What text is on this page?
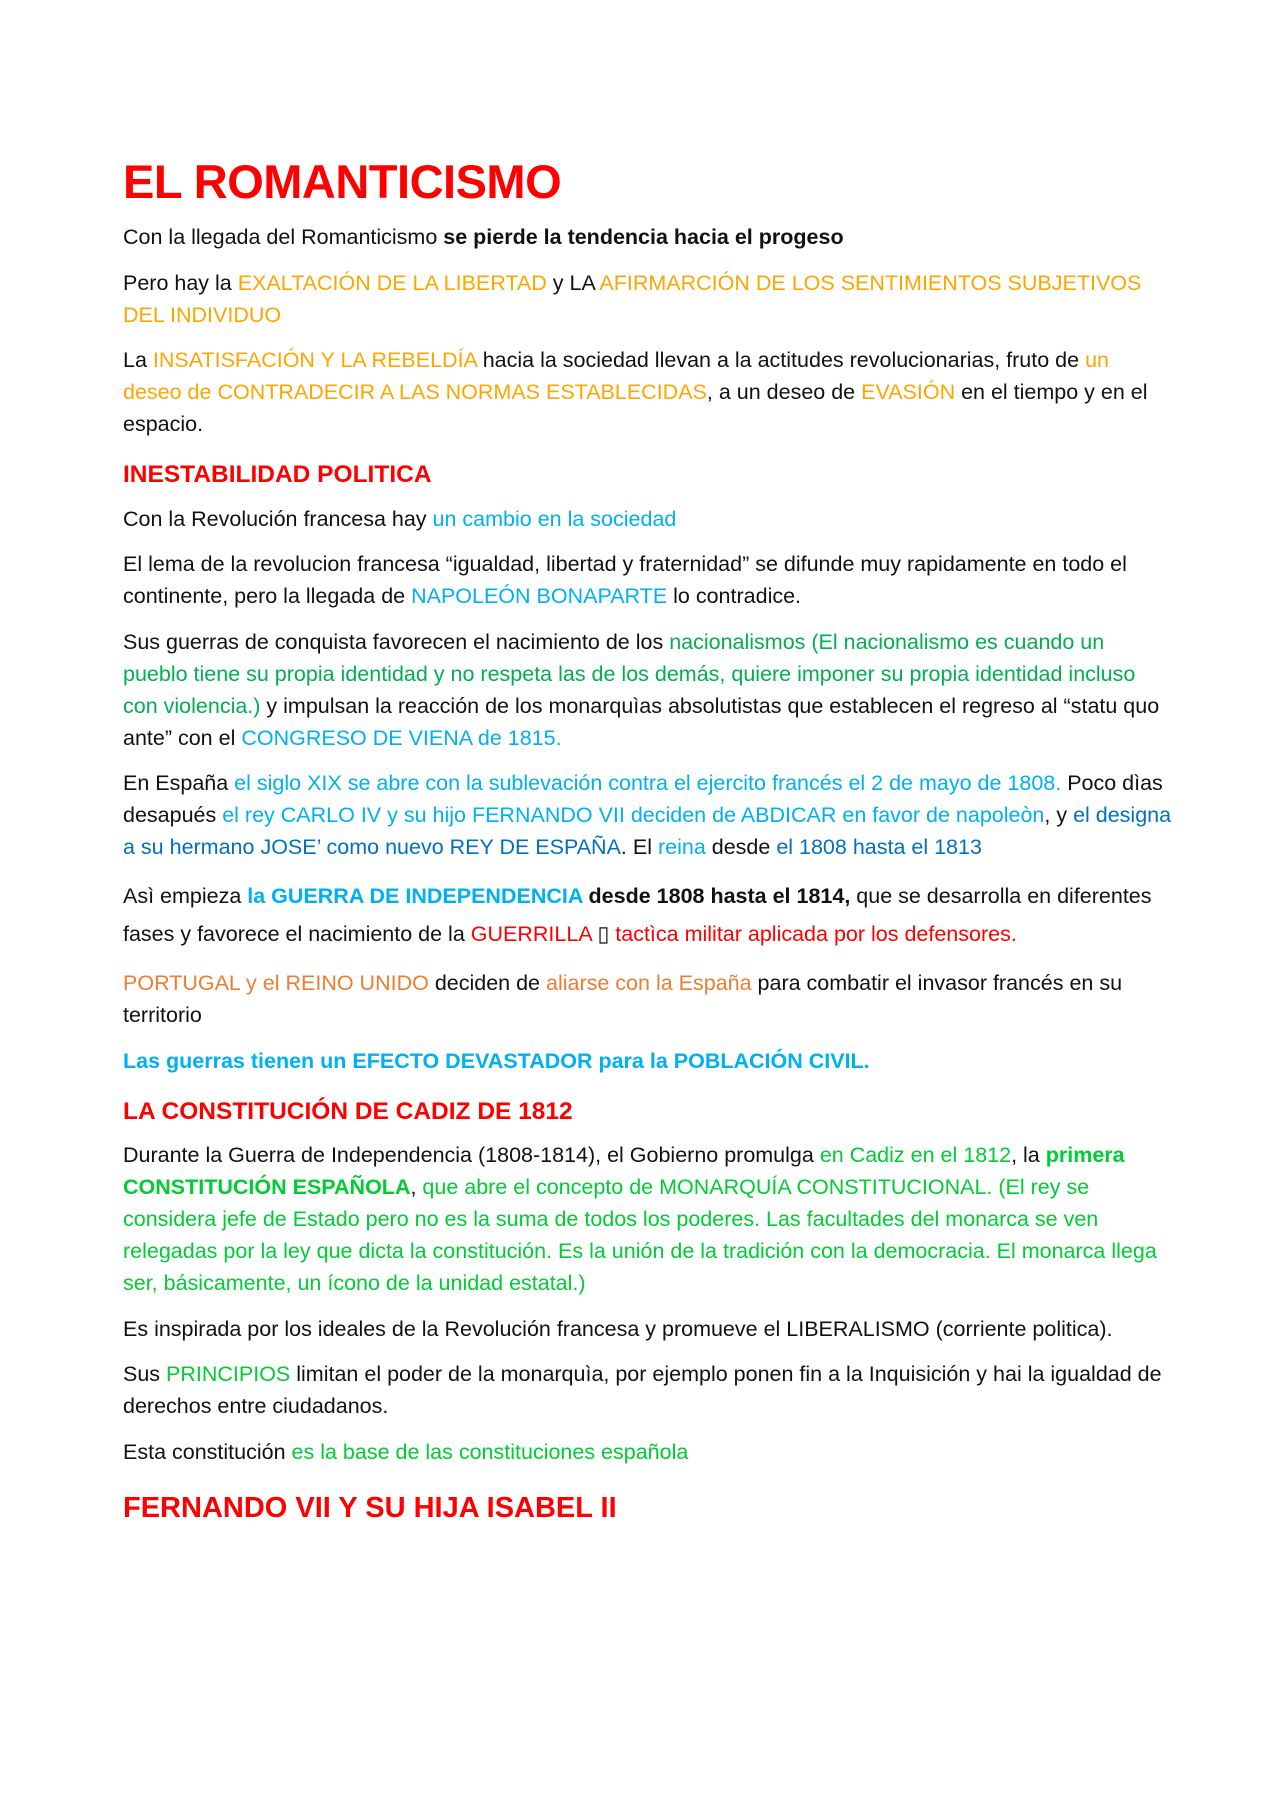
EL ROMANTICISMO

Con la llegada del Romanticismo se pierde la tendencia hacia el progeso

Pero hay la EXALTACIÓN DE LA LIBERTAD y LA AFIRMARCIÓN DE LOS SENTIMIENTOS SUBJETIVOS DEL INDIVIDUO

La INSATISFACIÓN Y LA REBELDÍA hacia la sociedad llevan a la actitudes revolucionarias, fruto de un deseo de CONTRADECIR A LAS NORMAS ESTABLECIDAS, a un deseo de EVASIÓN en el tiempo y en el espacio.

INESTABILIDAD POLITICA

Con la Revolución francesa hay un cambio en la sociedad

El lema de la revolucion francesa “igualdad, libertad y fraternidad” se difunde muy rapidamente en todo el continente, pero la llegada de NAPOLEÓN BONAPARTE lo contradice.

Sus guerras de conquista favorecen el nacimiento de los nacionalismos (El nacionalismo es cuando un pueblo tiene su propia identidad y no respeta las de los demás, quiere imponer su propia identidad incluso con violencia.) y impulsan la reacción de los monarquìas absolutistas que establecen el regreso al “statu quo ante” con el CONGRESO DE VIENA de 1815.

En España el siglo XIX se abre con la sublevación contra el ejercito francés el 2 de mayo de 1808. Poco dìas desapués el rey CARLO IV y su hijo FERNANDO VII deciden de ABDICAR en favor de napoleòn, y el designa a su hermano JOSE’ como nuevo REY DE ESPAÑA. El reina desde el 1808 hasta el 1813

Asì empieza la GUERRA DE INDEPENDENCIA desde 1808 hasta el 1814, que se desarrolla en diferentes fases y favorece el nacimiento de la GUERRILLA ▯ tactìca militar aplicada por los defensores.

PORTUGAL y el REINO UNIDO deciden de aliarse con la España para combatir el invasor francés en su territorio

Las guerras tienen un EFECTO DEVASTADOR para la POBLACIÓN CIVIL.

LA CONSTITUCIÓN DE CADIZ DE 1812

Durante la Guerra de Independencia (1808-1814), el Gobierno promulga en Cadiz en el 1812, la primera CONSTITUCIÓN ESPAÑOLA, que abre el concepto de MONARQUÍA CONSTITUCIONAL. (El rey se considera jefe de Estado pero no es la suma de todos los poderes. Las facultades del monarca se ven relegadas por la ley que dicta la constitución. Es la unión de la tradición con la democracia. El monarca llega ser, básicamente, un ícono de la unidad estatal.)

Es inspirada por los ideales de la Revolución francesa y promueve el LIBERALISMO (corriente politica).

Sus PRINCIPIOS limitan el poder de la monarquìa, por ejemplo ponen fin a la Inquisición y hai la igualdad de derechos entre ciudadanos.

Esta constitución es la base de las constituciones española

FERNANDO VII Y SU HIJA ISABEL II
